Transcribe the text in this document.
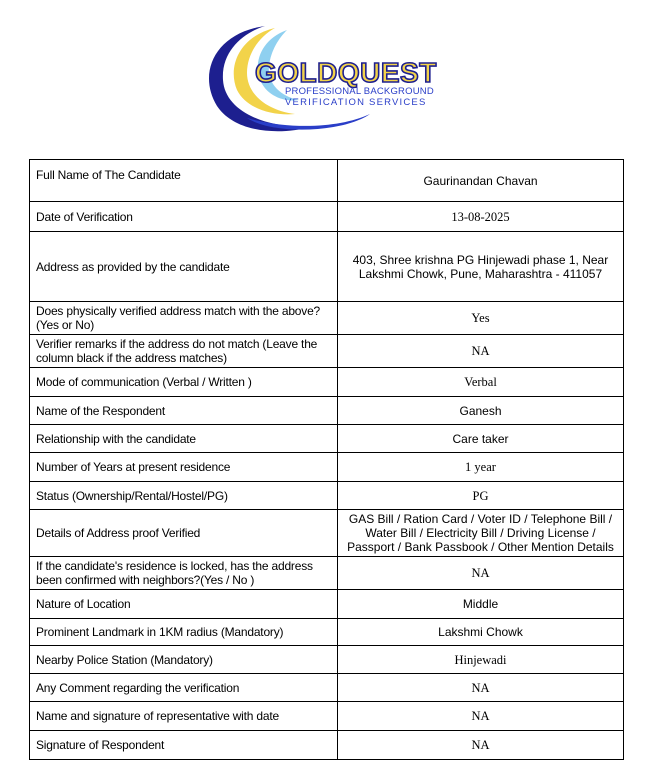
GOLDQUEST
PROFESSIONAL BACKGROUND
VERIFICATION SERVICES
Full Name of The Candidate	Gaurinandan Chavan
Date of Verification	13-08-2025
Address as provided by the candidate	403, Shree krishna PG Hinjewadi phase 1, Near Lakshmi Chowk, Pune, Maharashtra - 411057
Does physically verified address match with the above? (Yes or No)	Yes
Verifier remarks if the address do not match (Leave the column black if the address matches)	NA
Mode of communication (Verbal / Written )	Verbal
Name of the Respondent	Ganesh
Relationship with the candidate	Care taker
Number of Years at present residence	1 year
Status (Ownership/Rental/Hostel/PG)	PG
Details of Address proof Verified	GAS Bill / Ration Card / Voter ID / Telephone Bill / Water Bill / Electricity Bill / Driving License / Passport / Bank Passbook / Other Mention Details
If the candidate's residence is locked, has the address been confirmed with neighbors?(Yes / No )	NA
Nature of Location	Middle
Prominent Landmark in 1KM radius (Mandatory)	Lakshmi Chowk
Nearby Police Station (Mandatory)	Hinjewadi
Any Comment regarding the verification	NA
Name and signature of representative with date	NA
Signature of Respondent	NA
